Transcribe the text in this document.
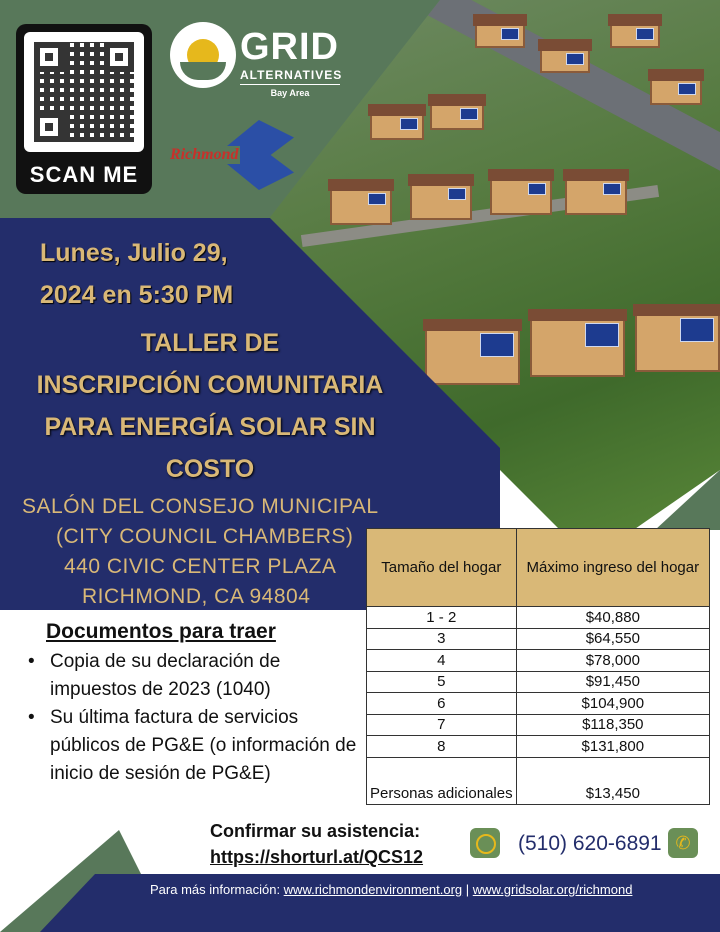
SCAN ME
GRID
ALTERNATIVES
Bay Area
Richmond
Lunes, Julio 29,
2024 en 5:30 PM
TALLER DE
INSCRIPCIÓN COMUNITARIA
PARA ENERGÍA SOLAR SIN
COSTO
SALÓN DEL CONSEJO MUNICIPAL
(CITY COUNCIL CHAMBERS)
440 CIVIC CENTER PLAZA
RICHMOND, CA 94804
Documentos para traer
• Copia de su declaración de impuestos de 2023 (1040)
• Su última factura de servicios públicos de PG&E (o información de inicio de sesión de PG&E)
Tamaño del hogar	Máximo ingreso del hogar
1 - 2	$40,880
3	$64,550
4	$78,000
5	$91,450
6	$104,900
7	$118,350
8	$131,800
Personas adicionales	$13,450
Confirmar su asistencia:
https://shorturl.at/QCS12
(510) 620-6891 ✆
Para más información: www.richmondenvironment.org | www.gridsolar.org/richmond
